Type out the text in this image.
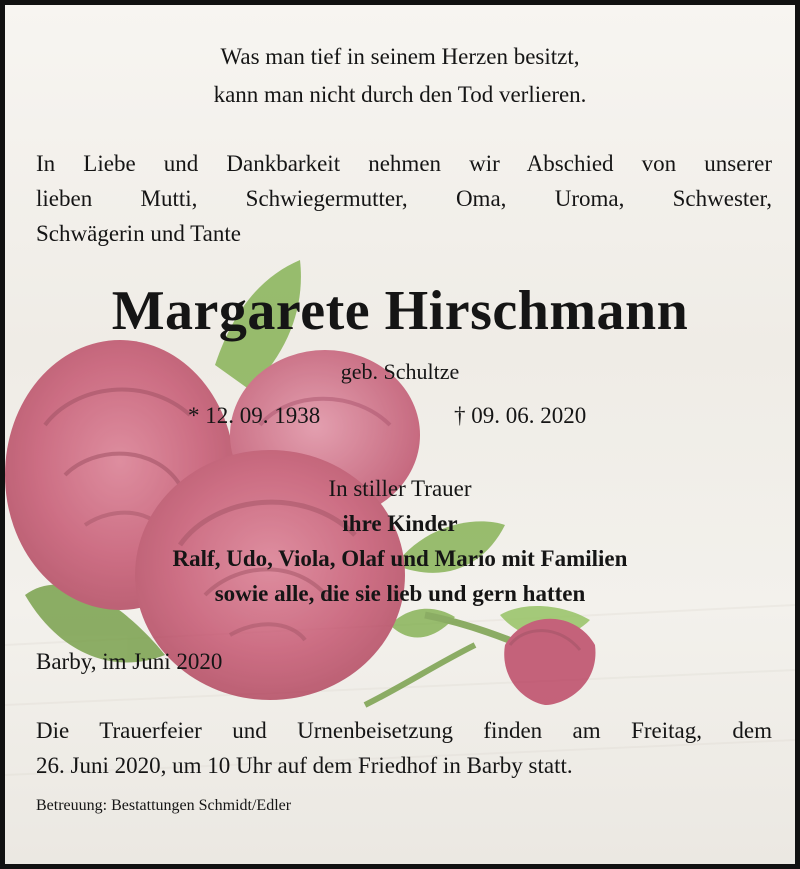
Was man tief in seinem Herzen besitzt,
kann man nicht durch den Tod verlieren.
In Liebe und Dankbarkeit nehmen wir Abschied von unserer
lieben Mutti, Schwiegermutter, Oma, Uroma, Schwester,
Schwägerin und Tante
Margarete Hirschmann
geb. Schultze
* 12. 09. 1938	† 09. 06. 2020
In stiller Trauer
ihre Kinder
Ralf, Udo, Viola, Olaf und Mario mit Familien
sowie alle, die sie lieb und gern hatten
Barby, im Juni 2020
Die Trauerfeier und Urnenbeisetzung finden am Freitag, dem
26. Juni 2020, um 10 Uhr auf dem Friedhof in Barby statt.
Betreuung: Bestattungen Schmidt/Edler
